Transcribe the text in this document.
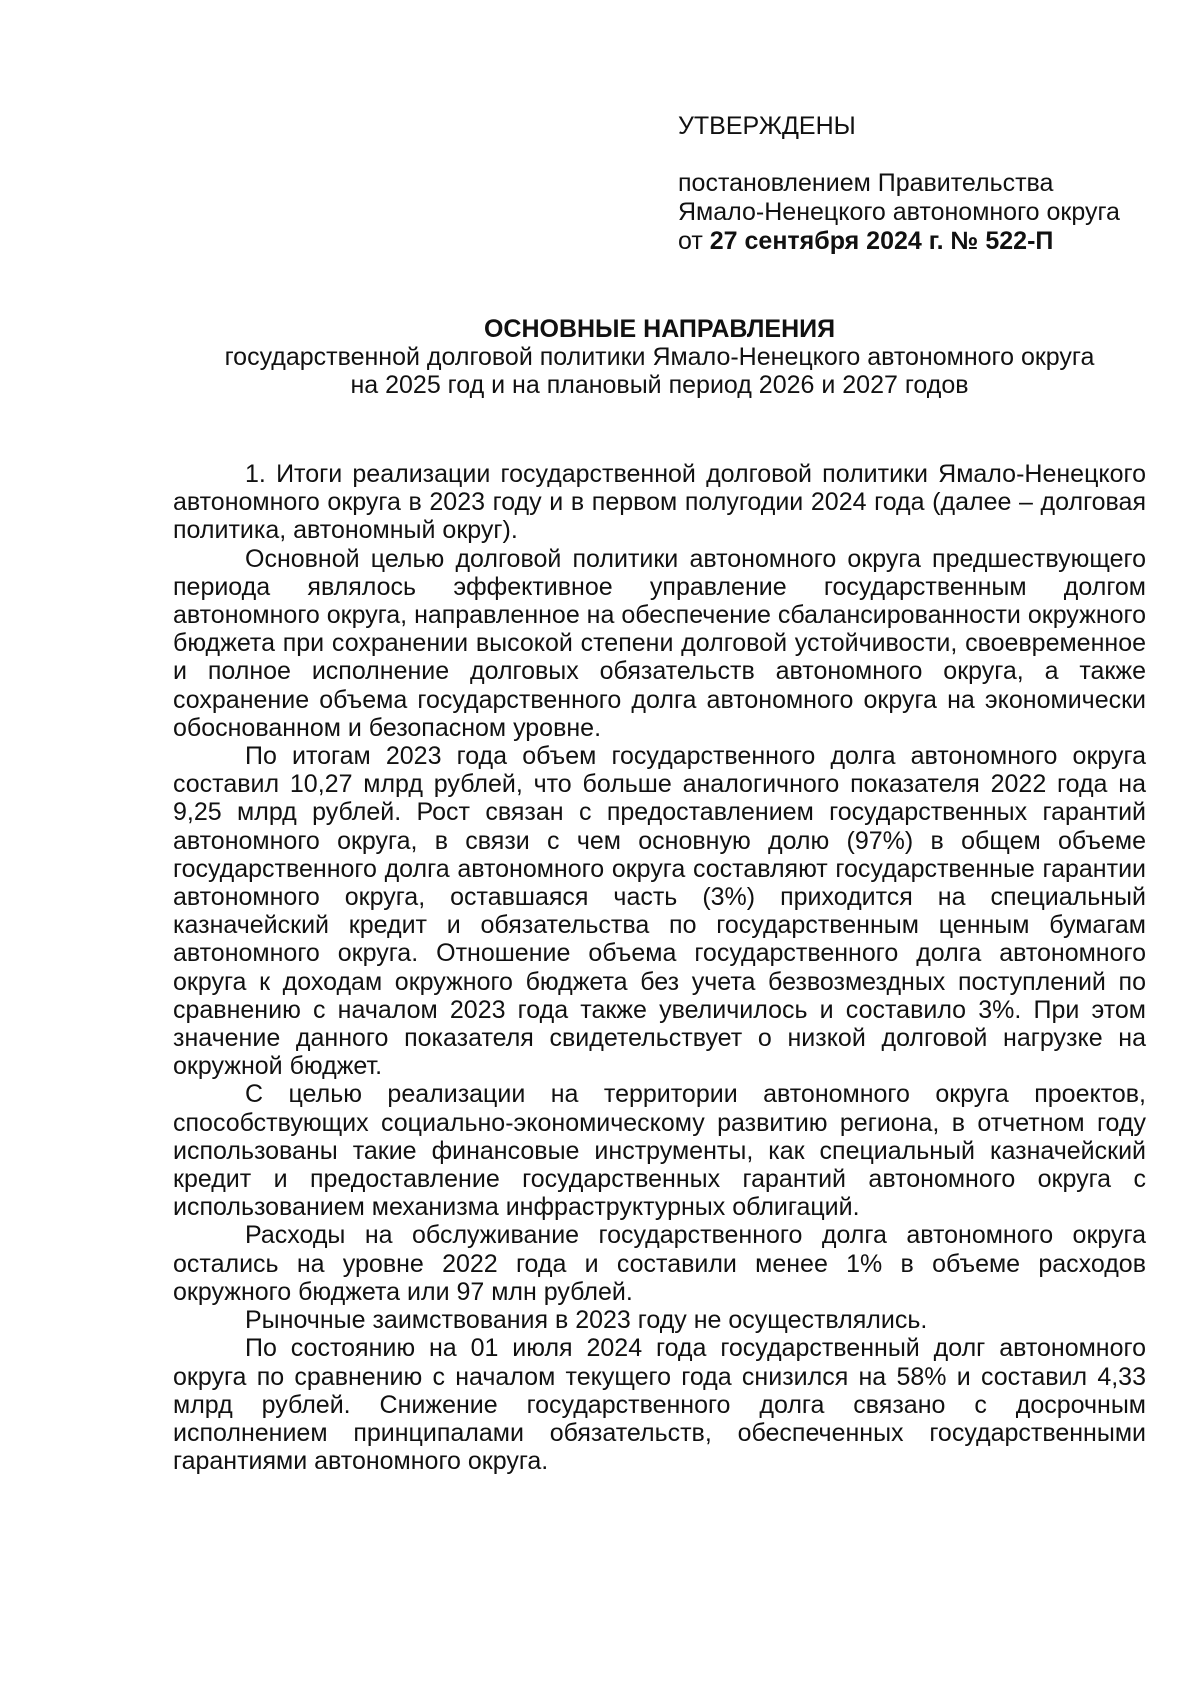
УТВЕРЖДЕНЫ
постановлением Правительства
Ямало-Ненецкого автономного округа
от 27 сентября 2024 г. № 522-П
ОСНОВНЫЕ НАПРАВЛЕНИЯ
государственной долговой политики Ямало-Ненецкого автономного округа
на 2025 год и на плановый период 2026 и 2027 годов

1. Итоги реализации государственной долговой политики Ямало-Ненецкого автономного округа в 2023 году и в первом полугодии 2024 года (далее – долговая политика, автономный округ).

Основной целью долговой политики автономного округа предшествующего периода являлось эффективное управление государственным долгом автономного округа, направленное на обеспечение сбалансированности окружного бюджета при сохранении высокой степени долговой устойчивости, своевременное и полное исполнение долговых обязательств автономного округа, а также сохранение объема государственного долга автономного округа на экономически обоснованном и безопасном уровне.

По итогам 2023 года объем государственного долга автономного округа составил 10,27 млрд рублей, что больше аналогичного показателя 2022 года на 9,25 млрд рублей. Рост связан с предоставлением государственных гарантий автономного округа, в связи с чем основную долю (97%) в общем объеме государственного долга автономного округа составляют государственные гарантии автономного округа, оставшаяся часть (3%) приходится на специальный казначейский кредит и обязательства по государственным ценным бумагам автономного округа. Отношение объема государственного долга автономного округа к доходам окружного бюджета без учета безвозмездных поступлений по сравнению с началом 2023 года также увеличилось и составило 3%. При этом значение данного показателя свидетельствует о низкой долговой нагрузке на окружной бюджет.

С целью реализации на территории автономного округа проектов, способствующих социально-экономическому развитию региона, в отчетном году использованы такие финансовые инструменты, как специальный казначейский кредит и предоставление государственных гарантий автономного округа с использованием механизма инфраструктурных облигаций.

Расходы на обслуживание государственного долга автономного округа остались на уровне 2022 года и составили менее 1% в объеме расходов окружного бюджета или 97 млн рублей.

Рыночные заимствования в 2023 году не осуществлялись.

По состоянию на 01 июля 2024 года государственный долг автономного округа по сравнению с началом текущего года снизился на 58% и составил 4,33 млрд рублей. Снижение государственного долга связано с досрочным исполнением принципалами обязательств, обеспеченных государственными гарантиями автономного округа.
